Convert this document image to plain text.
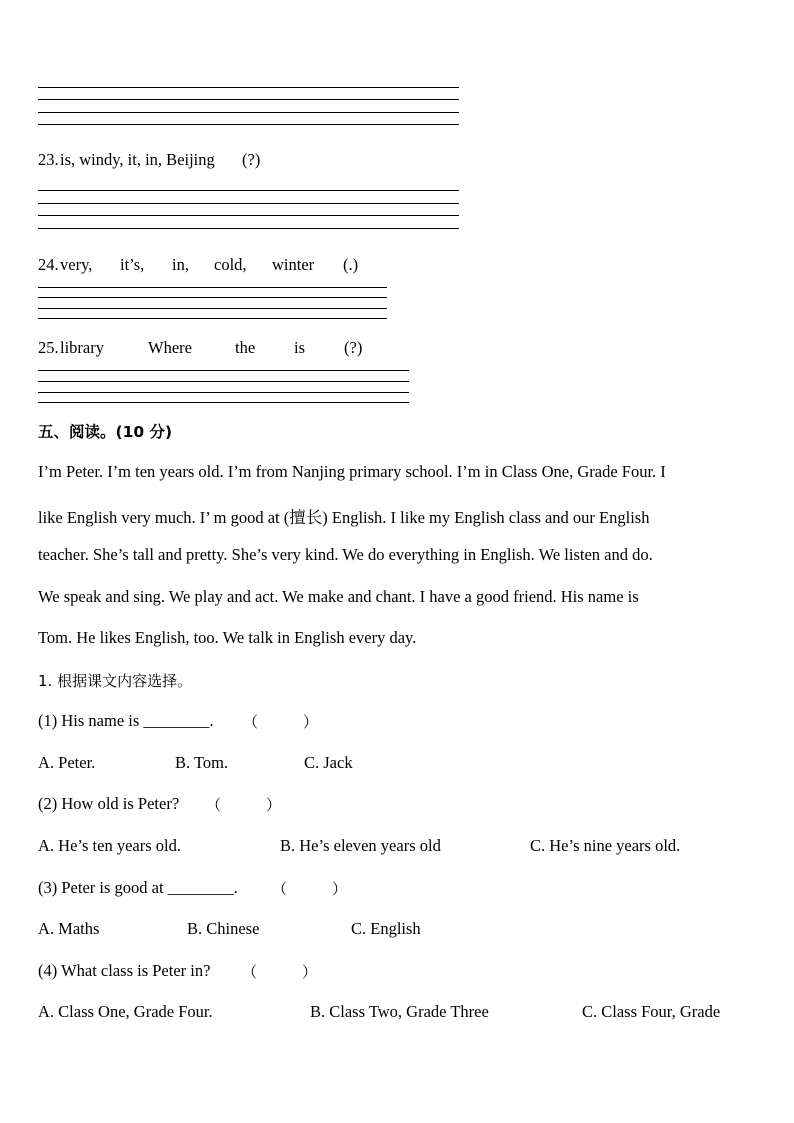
23. is, windy, it, in, Beijing (?)
24. very, it’s, in, cold, winter (.)
25. library	Where	the is (?)
五、阅读。(10 分)
I’m Peter. I’m ten years old. I’m from Nanjing primary school. I’m in Class One, Grade Four. I
like English very much. I’ m good at (擅长) English. I like my English class and our English
teacher. She’s tall and pretty. She’s very kind. We do everything in English. We listen and do.
We speak and sing. We play and act. We make and chant. I have a good friend. His name is
Tom. He likes English, too. We talk in English every day.
1. 根据课文内容选择。
(1) His name is ________. （　　　）
A. Peter.	B. Tom.	C. Jack
(2) How old is Peter? （　　　）
A. He’s ten years old.	B. He’s eleven years old	C. He’s nine years old.
(3) Peter is good at ________. （　　　）
A. Maths	B. Chinese	C. English
(4) What class is Peter in? （　　　）
A. Class One, Grade Four.	B. Class Two, Grade Three	C. Class Four, Grade
